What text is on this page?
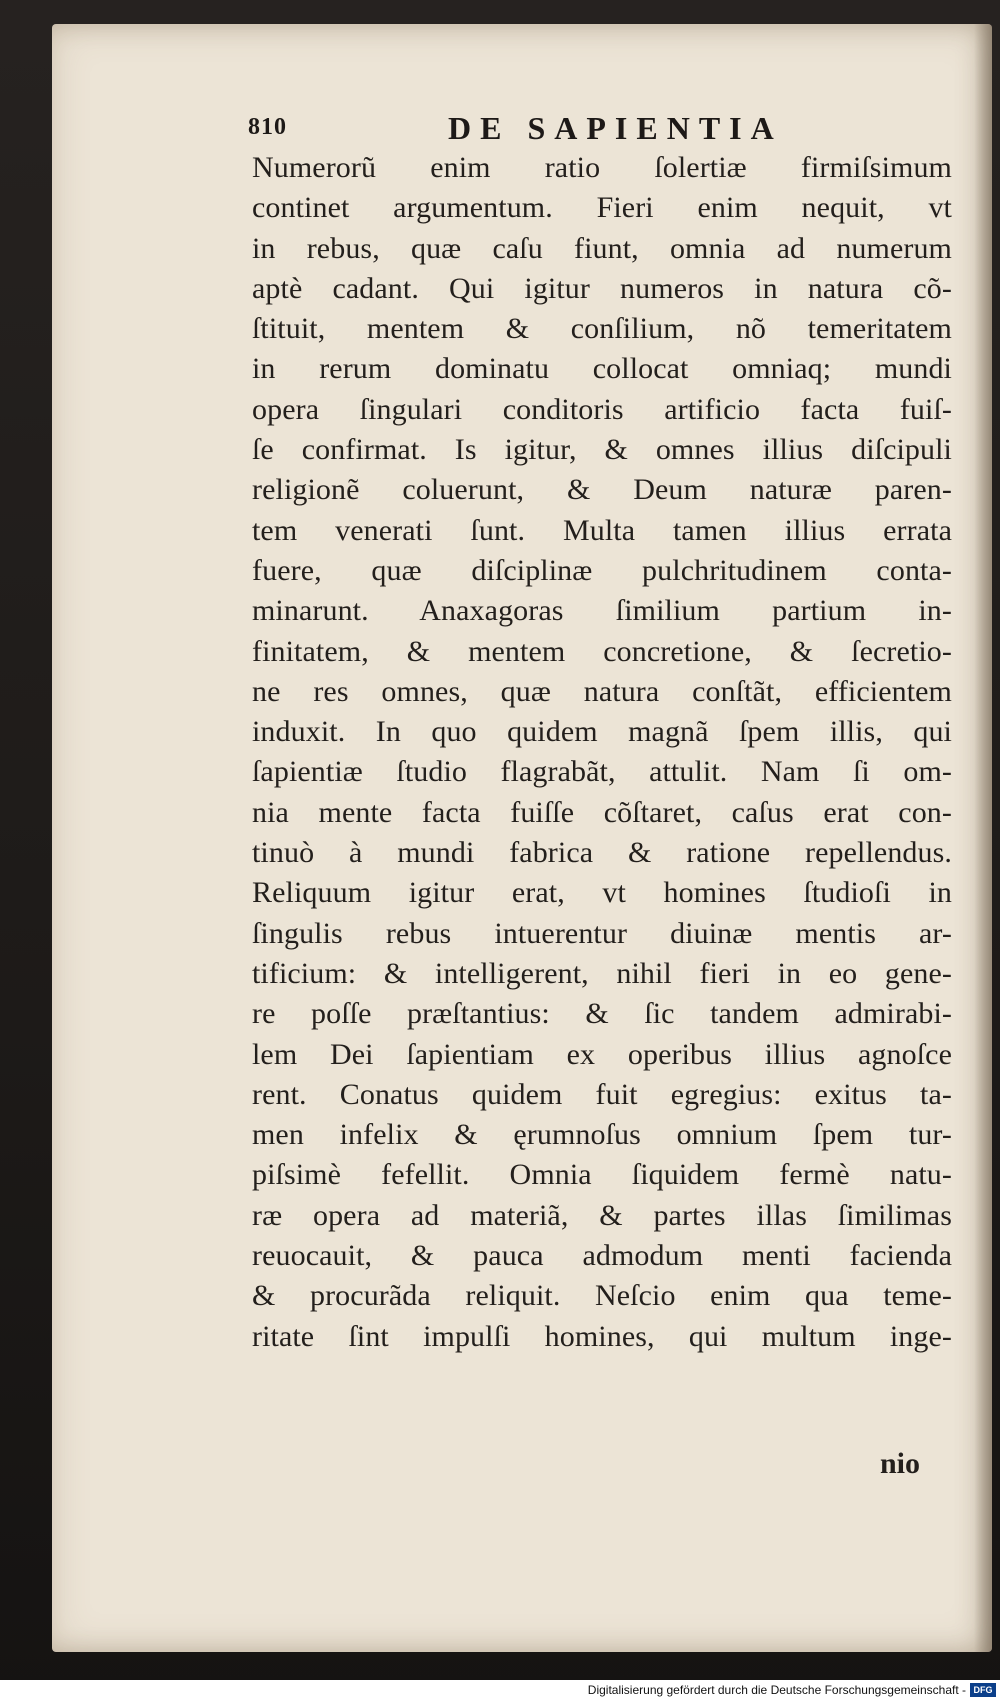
810	DE SAPIENTIA
Numerorũ enim ratio ſolertiæ firmiſsimum
continet argumentum. Fieri enim nequit, vt
in rebus, quæ caſu fiunt, omnia ad numerum
aptè cadant. Qui igitur numeros in natura cõ-
ſtituit, mentem & conſilium, nõ temeritatem
in rerum dominatu collocat omniaq; mundi
opera ſingulari conditoris artificio facta fuiſ-
ſe confirmat. Is igitur, & omnes illius diſcipuli
religionẽ coluerunt, & Deum naturæ paren-
tem venerati ſunt. Multa tamen illius errata
fuere, quæ diſciplinæ pulchritudinem conta-
minarunt. Anaxagoras ſimilium partium in-
finitatem, & mentem concretione, & ſecretio-
ne res omnes, quæ natura conſtãt, efficientem
induxit. In quo quidem magnã ſpem illis, qui
ſapientiæ ſtudio flagrabãt, attulit. Nam ſi om-
nia mente facta fuiſſe cõſtaret, caſus erat con-
tinuò à mundi fabrica & ratione repellendus.
Reliquum igitur erat, vt homines ſtudioſi in
ſingulis rebus intuerentur diuinæ mentis ar-
tificium: & intelligerent, nihil fieri in eo gene-
re poſſe præſtantius: & ſic tandem admirabi-
lem Dei ſapientiam ex operibus illius agnoſce
rent. Conatus quidem fuit egregius: exitus ta-
men infelix & ęrumnoſus omnium ſpem tur-
piſsimè fefellit. Omnia ſiquidem fermè natu-
ræ opera ad materiã, & partes illas ſimilimas
reuocauit, & pauca admodum menti facienda
& procurãda reliquit. Neſcio enim qua teme-
ritate ſint impulſi homines, qui multum inge-
nio
Digitalisierung gefördert durch die Deutsche Forschungsgemeinschaft - DFG
